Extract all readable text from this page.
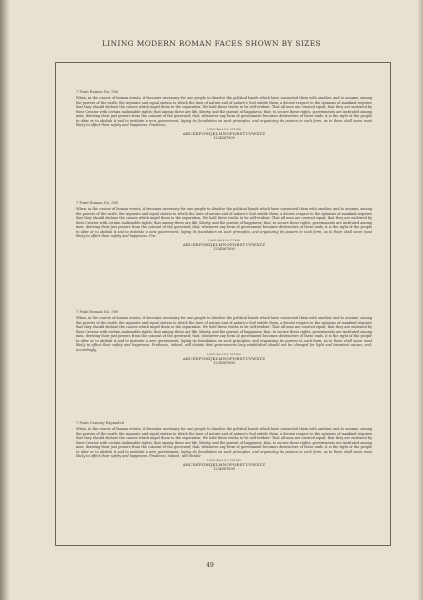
LINING MODERN ROMAN FACES SHOWN BY SIZES
7 Point Roman No. 590
When, in the course of human events, it becomes necessary for one people to dissolve the political bands which have connected them with another, and to assume, among the powers of the earth, the separate and equal station to which the laws of nature and of nature's God entitle them, a decent respect to the opinions of mankind requires that they should declare the causes which impel them to the separation. We hold these truths to be self-evident: That all men are created equal; that they are endowed by their Creator with certain inalienable rights; that among these are life, liberty, and the pursuit of happiness; that, to secure these rights, governments are instituted among men, deriving their just powers from the consent of the governed; that, whenever any form of government becomes destructive of these ends, it is the right of the people to alter or to abolish it and to institute a new government, laying its foundation on such principles, and organizing its powers in such form, as to them shall seem most likely to effect their safety and happiness. Prudence,
Lower case a to z, 13.6 ems
ABCDEFGHIJKLMNOPQRSTUVWXYZ
1234567890
7 Point Roman No. 590
When, in the course of human events, it becomes necessary for one people to dissolve the political bands which have connected them with another, and to assume, among the powers of the earth, the separate and equal station to which the laws of nature and of nature's God entitle them, a decent respect to the opinions of mankind requires that they should declare the causes which impel them to the separation. We hold these truths to be self-evident: That all men are created equal; that they are endowed by their Creator with certain inalienable rights; that among these are life, liberty, and the pursuit of happiness; that, to secure these rights, governments are instituted among men, deriving their just powers from the consent of the governed; that, whenever any form of government becomes destructive of these ends, it is the right of the people to alter or to abolish it and to institute a new government, laying its foundation on such principles, and organizing its powers in such form, as to them shall seem most likely to effect their safety and happiness. Pru-
Lower case a to z, 13 ems
ABCDEFGHIJKLMNOPQRSTUVWXYZ
1234567890
7 Point Roman No. 590
When, in the course of human events, it becomes necessary for one people to dissolve the political bands which have connected them with another, and to assume, among the powers of the earth, the separate and equal station to which the laws of nature and of nature's God entitle them, a decent respect to the opinions of mankind requires that they should declare the causes which impel them to the separation. We hold these truths to be self-evident: That all men are created equal; that they are endowed by their Creator with certain inalienable rights; that among these are life, liberty, and the pursuit of happiness; that, to secure these rights, governments are instituted among men, deriving their just powers from the consent of the governed; that, whenever any form of government becomes destructive of these ends, it is the right of the people to alter or to abolish it and to institute a new government, laying its foundation on such principles, and organizing its powers in such form, as to them shall seem most likely to effect their safety and happiness. Prudence, indeed, will dictate that governments long established should not be changed for light and transient causes; and, accordingly,
Lower case a to z, 10.8 ems
ABCDEFGHIJKLMNOPQRSTUVWXYZ
1234567890
7 Point Century Expanded
When, in the course of human events, it becomes necessary for one people to dissolve the political bands which have connected them with another, and to assume, among the powers of the earth, the separate and equal station to which the laws of nature and of nature's God entitle them, a decent respect to the opinions of mankind requires that they should declare the causes which impel them to the separation. We hold these truths to be self-evident: That all men are created equal; that they are endowed by their Creator with certain inalienable rights; that among these are life, liberty, and the pursuit of happiness; that, to secure these rights, governments are instituted among men, deriving their just powers from the consent of the governed; that, whenever any form of government becomes destructive of these ends, it is the right of the people to alter or to abolish it and to institute a new government, laying its foundation on such principles, and organizing its powers in such form, as to them shall seem most likely to effect their safety and happiness. Prudence, indeed, will dictate
Lower case a to z, 14.5 ems
ABCDEFGHIJKLMNOPQRSTUVWXYZ
1234567890
49
